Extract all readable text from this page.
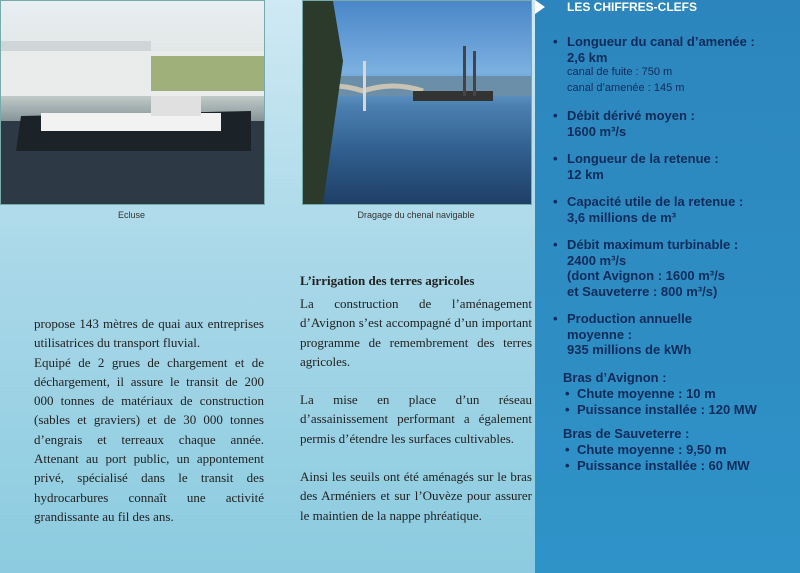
Ecluse	Dragage du chenal navigable

propose 143 mètres de quai aux entreprises utilisatrices du transport fluvial.

Equipé de 2 grues de chargement et de déchargement, il assure le transit de 200 000 tonnes de matériaux de construction (sables et graviers) et de 30 000 tonnes d’engrais et terreaux chaque année. Attenant au port public, un appontement privé, spécialisé dans le transit des hydrocarbures connaît une activité grandissante au fil des ans.

L’irrigation des terres agricoles

La construction de l’aménagement d’Avignon s’est accompagné d’un important programme de remembrement des terres agricoles.

La mise en place d’un réseau d’assainissement performant a également permis d’étendre les surfaces cultivables.

Ainsi les seuils ont été aménagés sur le bras des Arméniers et sur l’Ouvèze pour assurer le maintien de la nappe phréatique.

LES CHIFFRES-CLEFS
• Longueur du canal d’amenée :
2,6 km
canal de fuite : 750 m
canal d’amenée : 145 m
• Débit dérivé moyen :
1600 m³/s
• Longueur de la retenue :
12 km
• Capacité utile de la retenue :
3,6 millions de m³
• Débit maximum turbinable :
2400 m³/s
(dont Avignon : 1600 m³/s
et Sauveterre : 800 m³/s)
• Production annuelle
moyenne :
935 millions de kWh
Bras d’Avignon :
• Chute moyenne : 10 m
• Puissance installée : 120 MW
Bras de Sauveterre :
• Chute moyenne : 9,50 m
• Puissance installée : 60 MW
